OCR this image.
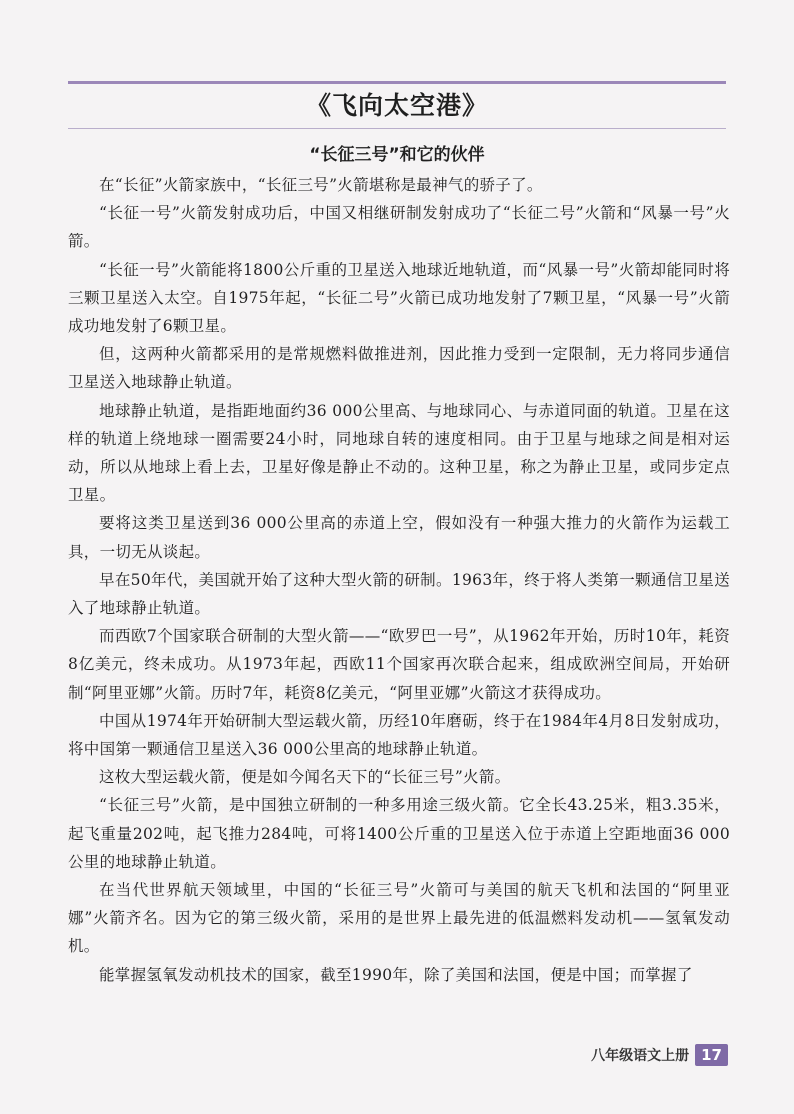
《飞向太空港》
“长征三号”和它的伙伴

在“长征”火箭家族中，“长征三号”火箭堪称是最神气的骄子了。

“长征一号”火箭发射成功后，中国又相继研制发射成功了“长征二号”火箭和“风暴一号”火箭。

“长征一号”火箭能将1800公斤重的卫星送入地球近地轨道，而“风暴一号”火箭却能同时将三颗卫星送入太空。自1975年起，“长征二号”火箭已成功地发射了7颗卫星，“风暴一号”火箭成功地发射了6颗卫星。

但，这两种火箭都采用的是常规燃料做推进剂，因此推力受到一定限制，无力将同步通信卫星送入地球静止轨道。

地球静止轨道，是指距地面约36 000公里高、与地球同心、与赤道同面的轨道。卫星在这样的轨道上绕地球一圈需要24小时，同地球自转的速度相同。由于卫星与地球之间是相对运动，所以从地球上看上去，卫星好像是静止不动的。这种卫星，称之为静止卫星，或同步定点卫星。

要将这类卫星送到36 000公里高的赤道上空，假如没有一种强大推力的火箭作为运载工具，一切无从谈起。

早在50年代，美国就开始了这种大型火箭的研制。1963年，终于将人类第一颗通信卫星送入了地球静止轨道。

而西欧7个国家联合研制的大型火箭——“欧罗巴一号”，从1962年开始，历时10年，耗资8亿美元，终未成功。从1973年起，西欧11个国家再次联合起来，组成欧洲空间局，开始研制“阿里亚娜”火箭。历时7年，耗资8亿美元，“阿里亚娜”火箭这才获得成功。

中国从1974年开始研制大型运载火箭，历经10年磨砺，终于在1984年4月8日发射成功，将中国第一颗通信卫星送入36 000公里高的地球静止轨道。

这枚大型运载火箭，便是如今闻名天下的“长征三号”火箭。

“长征三号”火箭，是中国独立研制的一种多用途三级火箭。它全长43.25米，粗3.35米，起飞重量202吨，起飞推力284吨，可将1400公斤重的卫星送入位于赤道上空距地面36 000公里的地球静止轨道。

在当代世界航天领域里，中国的“长征三号”火箭可与美国的航天飞机和法国的“阿里亚娜”火箭齐名。因为它的第三级火箭，采用的是世界上最先进的低温燃料发动机——氢氧发动机。

能掌握氢氧发动机技术的国家，截至1990年，除了美国和法国，便是中国；而掌握了

八年级语文上册 17
